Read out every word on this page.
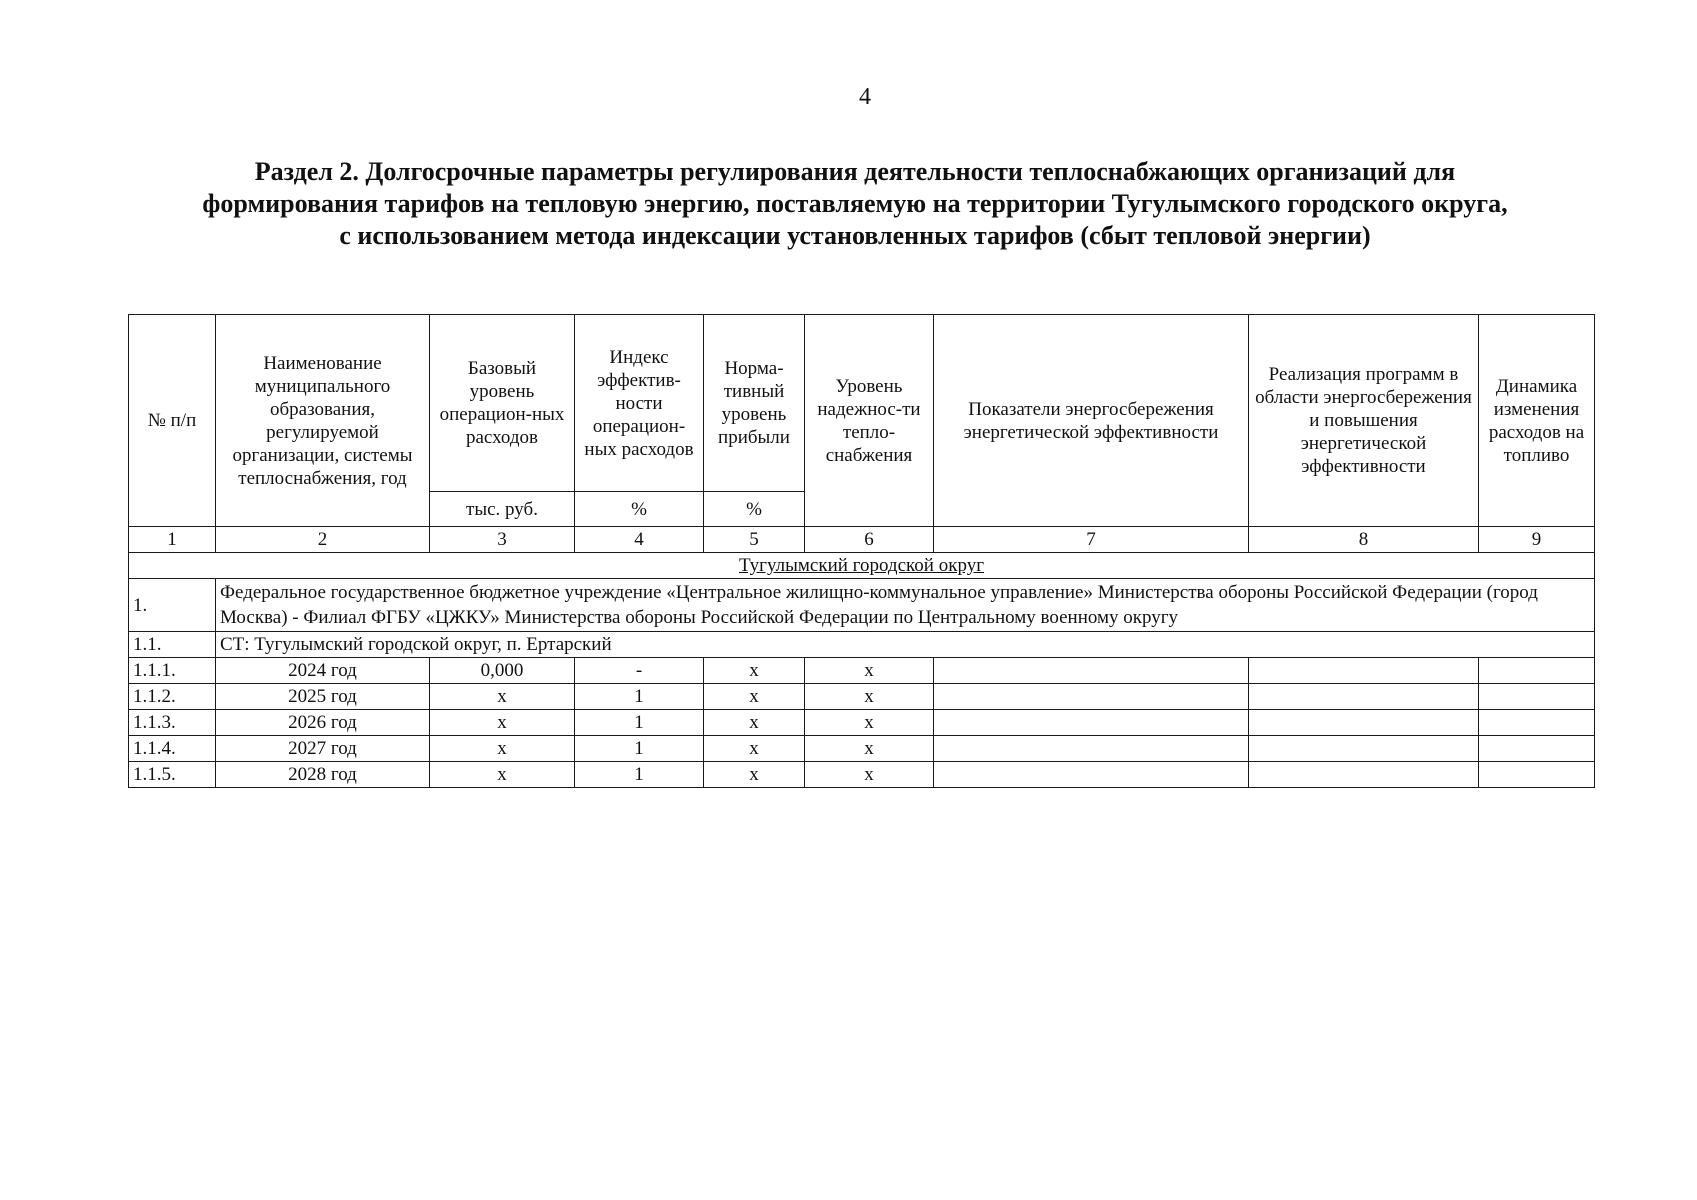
4
Раздел 2. Долгосрочные параметры регулирования деятельности теплоснабжающих организаций для
формирования тарифов на тепловую энергию, поставляемую на территории Тугулымского городского округа,
с использованием метода индексации установленных тарифов (сбыт тепловой энергии)
№ п/п	Наименование муниципального образования, регулируемой организации, системы теплоснабжения, год	Базовый уровень операцион-ных расходов	Индекс эффектив-ности операцион-ных расходов	Норма-тивный уровень прибыли	Уровень надежнос-ти тепло-снабжения	Показатели энергосбережения энергетической эффективности	Реализация программ в области энергосбережения и повышения энергетической эффективности	Динамика изменения расходов на топливо
		тыс. руб.	%	%				
1	2	3	4	5	6	7	8	9
Тугулымский городской округ								
1.	Федеральное государственное бюджетное учреждение «Центральное жилищно-коммунальное управление» Министерства обороны Российской Федерации (город Москва) - Филиал ФГБУ «ЦЖКУ» Министерства обороны Российской Федерации по Центральному военному округу							
1.1.	СТ: Тугулымский городской округ, п. Ертарский							
1.1.1.	2024 год	0,000	-	x	x			
1.1.2.	2025 год	x	1	x	x			
1.1.3.	2026 год	x	1	x	x			
1.1.4.	2027 год	x	1	x	x			
1.1.5.	2028 год	x	1	x	x			
